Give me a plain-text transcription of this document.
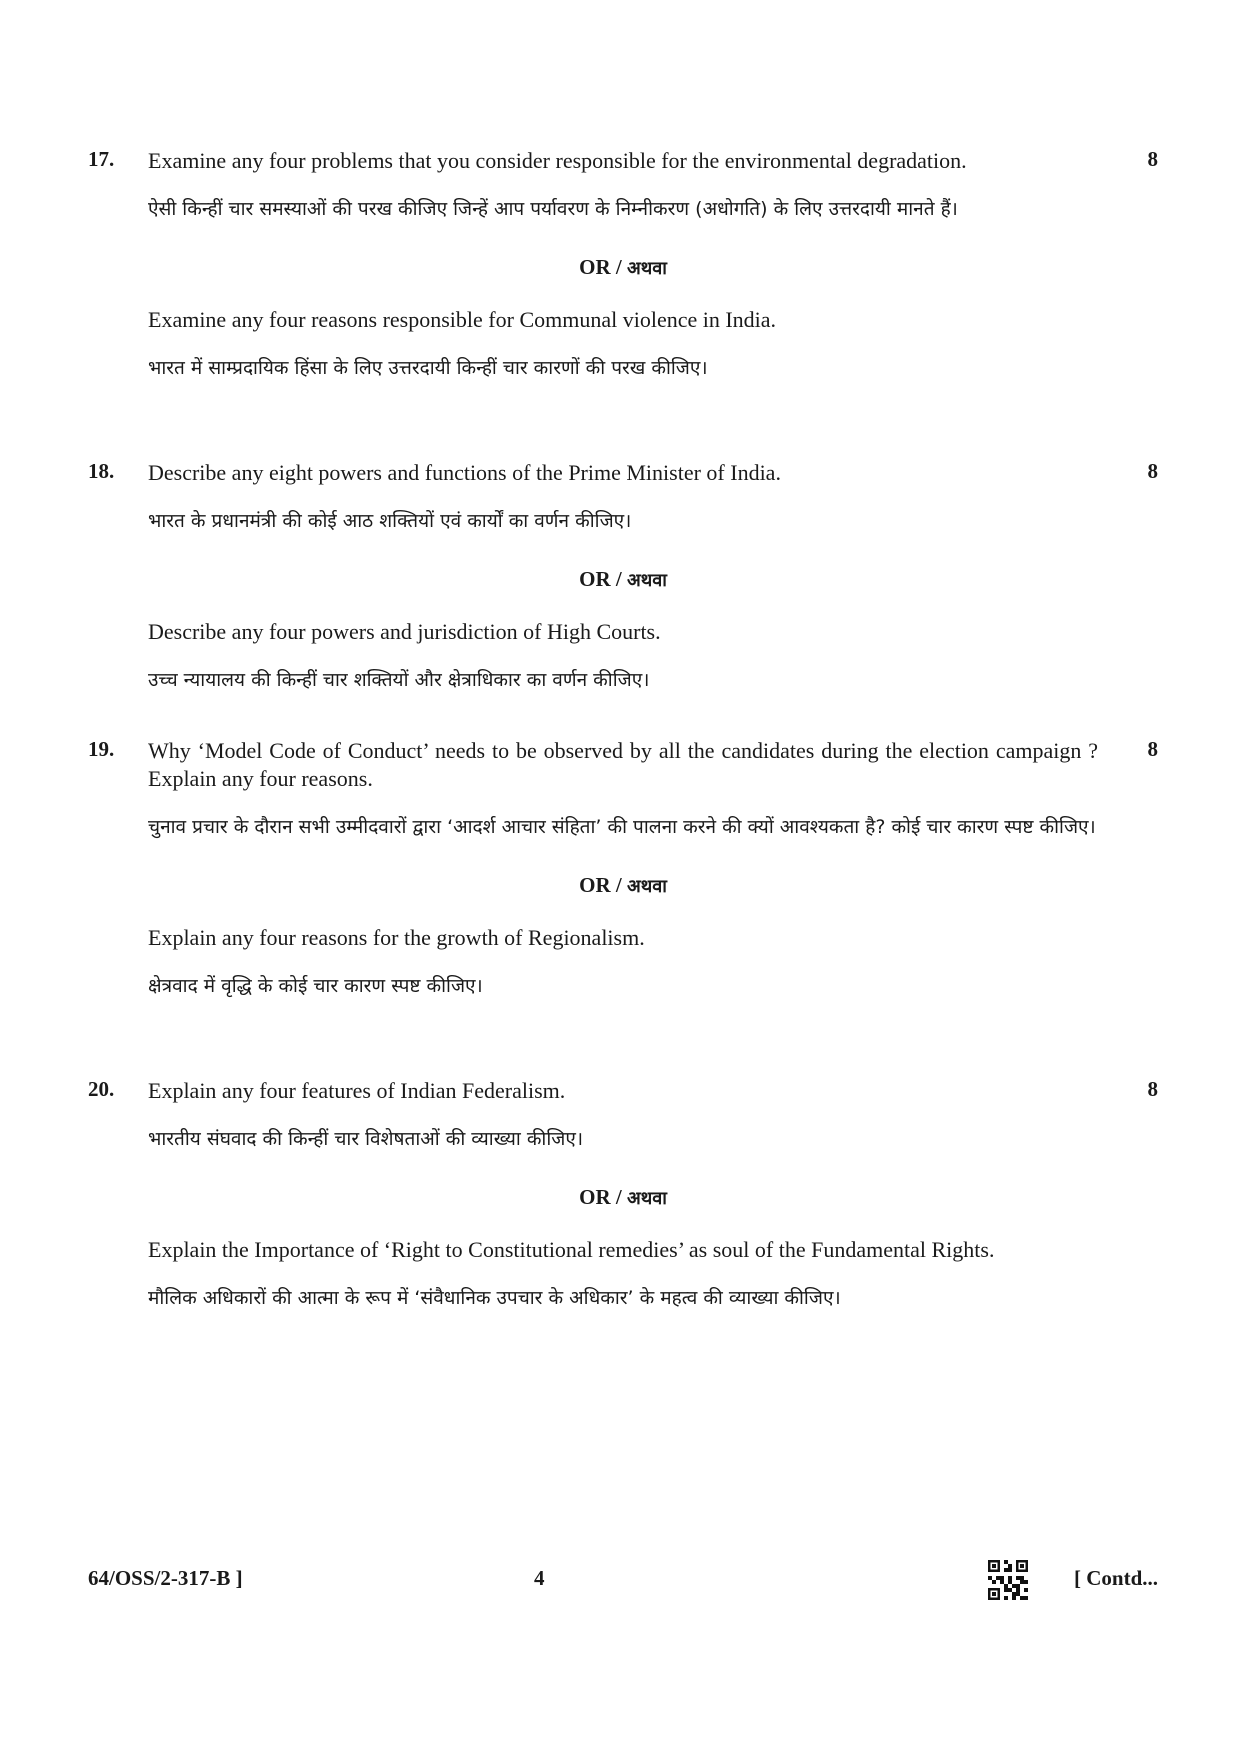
17.	8

Examine any four problems that you consider responsible for the environmental degradation.

ऐसी किन्हीं चार समस्याओं की परख कीजिए जिन्हें आप पर्यावरण के निम्नीकरण (अधोगति) के लिए उत्तरदायी मानते हैं।

OR / अथवा

Examine any four reasons responsible for Communal violence in India.

भारत में साम्प्रदायिक हिंसा के लिए उत्तरदायी किन्हीं चार कारणों की परख कीजिए।

18.	8

Describe any eight powers and functions of the Prime Minister of India.

भारत के प्रधानमंत्री की कोई आठ शक्तियों एवं कार्यों का वर्णन कीजिए।

OR / अथवा

Describe any four powers and jurisdiction of High Courts.

उच्च न्यायालय की किन्हीं चार शक्तियों और क्षेत्राधिकार का वर्णन कीजिए।

19.	8

Why ‘Model Code of Conduct’ needs to be observed by all the candidates during the election campaign ? Explain any four reasons.

चुनाव प्रचार के दौरान सभी उम्मीदवारों द्वारा ‘आदर्श आचार संहिता’ की पालना करने की क्यों आवश्यकता है? कोई चार कारण स्पष्ट कीजिए।

OR / अथवा

Explain any four reasons for the growth of Regionalism.

क्षेत्रवाद में वृद्धि के कोई चार कारण स्पष्ट कीजिए।

20.	8

Explain any four features of Indian Federalism.

भारतीय संघवाद की किन्हीं चार विशेषताओं की व्याख्या कीजिए।

OR / अथवा

Explain the Importance of ‘Right to Constitutional remedies’ as soul of the Fundamental Rights.

मौलिक अधिकारों की आत्मा के रूप में ‘संवैधानिक उपचार के अधिकार’ के महत्व की व्याख्या कीजिए।

64/OSS/2-317-B ]	4	[ Contd...
